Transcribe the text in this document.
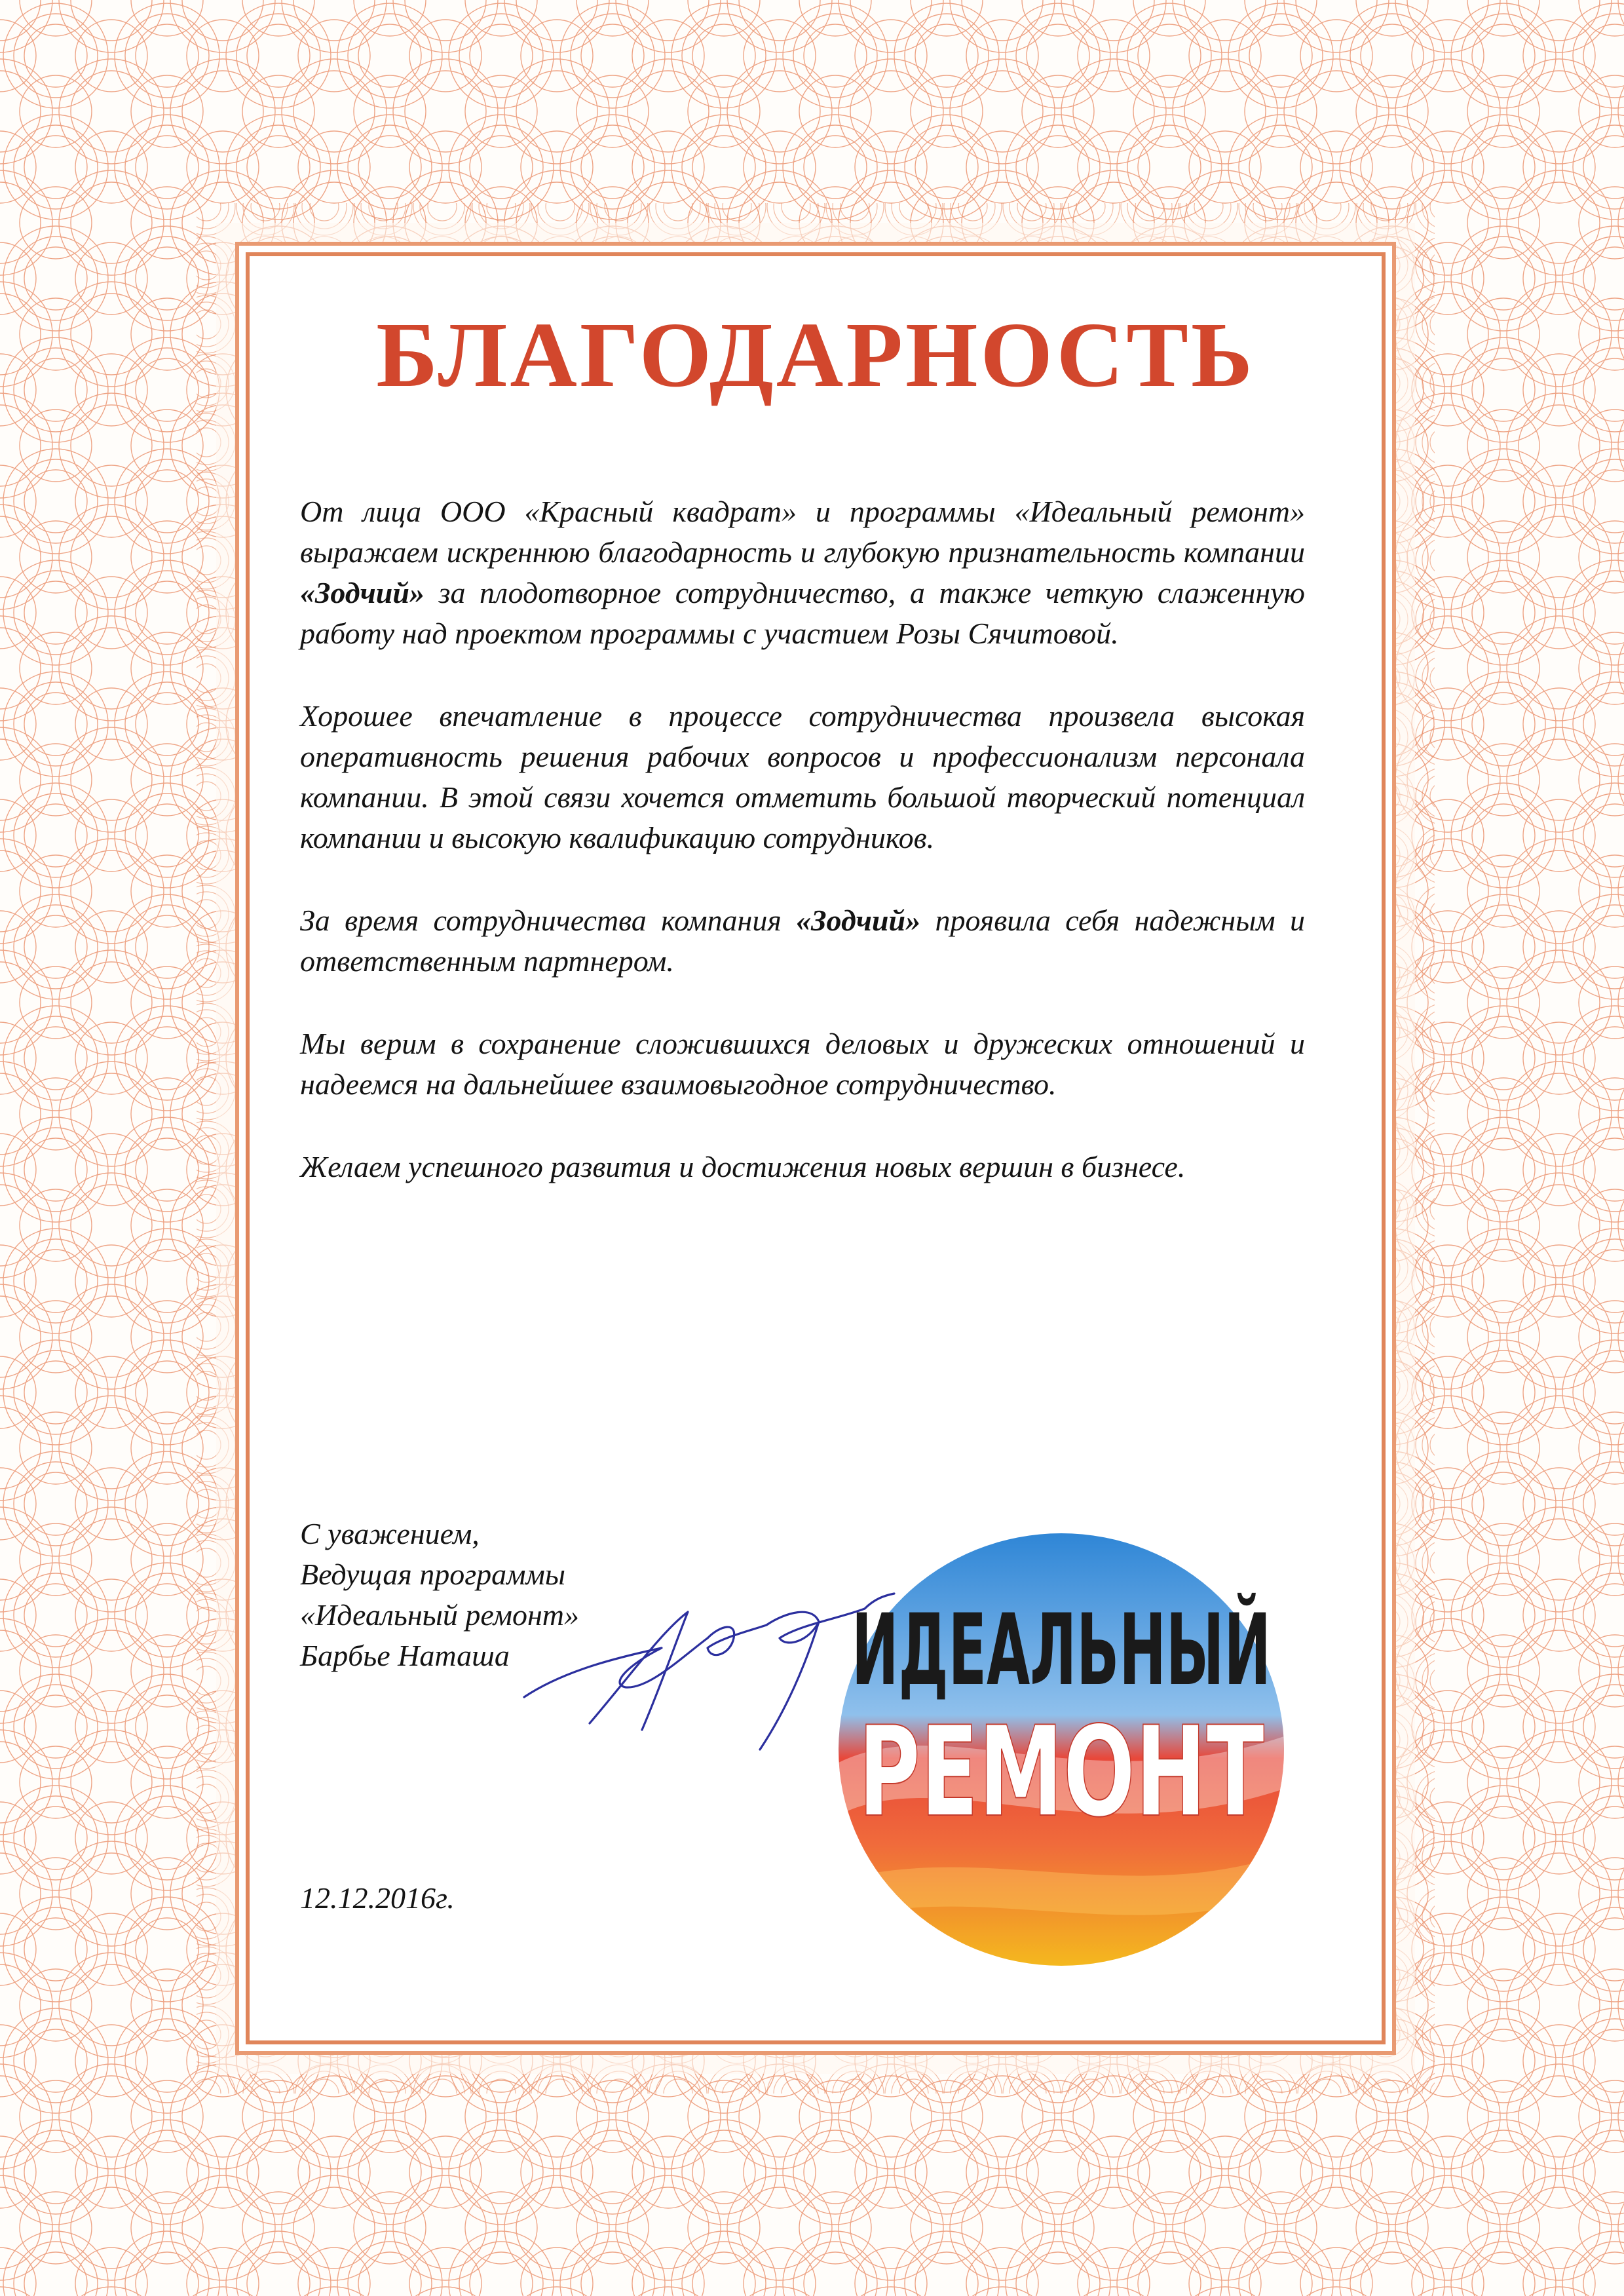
БЛАГОДАРНОСТЬ

От лица ООО «Красный квадрат» и программы «Идеальный ремонт» выражаем искреннюю благодарность и глубокую признательность компании «Зодчий» за плодотворное сотрудничество, а также четкую слаженную работу над проектом программы с участием Розы Сячитовой.

Хорошее впечатление в процессе сотрудничества произвела высокая оперативность решения рабочих вопросов и профессионализм персонала компании. В этой связи хочется отметить большой творческий потенциал компании и высокую квалификацию сотрудников.

За время сотрудничества компания «Зодчий» проявила себя надежным и ответственным партнером.

Мы верим в сохранение сложившихся деловых и дружеских отношений и надеемся на дальнейшее взаимовыгодное сотрудничество.

Желаем успешного развития и достижения новых вершин в бизнесе.

С уважением,
Ведущая программы
«Идеальный ремонт»
Барбье Наташа	ИДЕАЛЬНЫЙ
РЕМОНТ
12.12.2016г.
